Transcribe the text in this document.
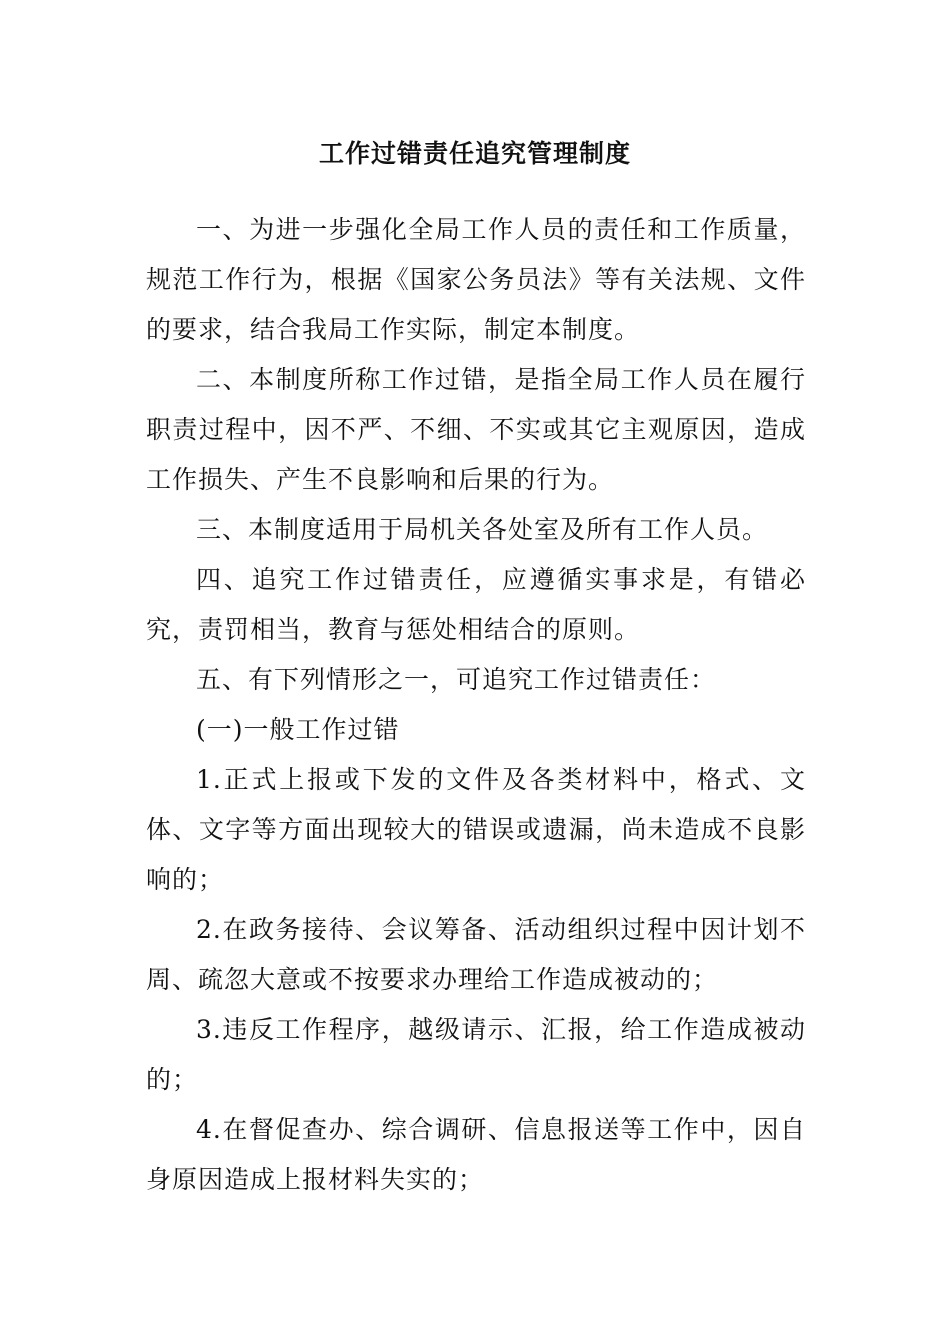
工作过错责任追究管理制度

一、为进一步强化全局工作人员的责任和工作质量，规范工作行为，根据《国家公务员法》等有关法规、文件的要求，结合我局工作实际，制定本制度。

二、本制度所称工作过错，是指全局工作人员在履行职责过程中，因不严、不细、不实或其它主观原因，造成工作损失、产生不良影响和后果的行为。

三、本制度适用于局机关各处室及所有工作人员。

四、追究工作过错责任，应遵循实事求是，有错必究，责罚相当，教育与惩处相结合的原则。

五、有下列情形之一，可追究工作过错责任：

(一)一般工作过错

1.正式上报或下发的文件及各类材料中，格式、文体、文字等方面出现较大的错误或遗漏，尚未造成不良影响的；

2.在政务接待、会议筹备、活动组织过程中因计划不周、疏忽大意或不按要求办理给工作造成被动的；

3.违反工作程序，越级请示、汇报，给工作造成被动的；

4.在督促查办、综合调研、信息报送等工作中，因自身原因造成上报材料失实的；
